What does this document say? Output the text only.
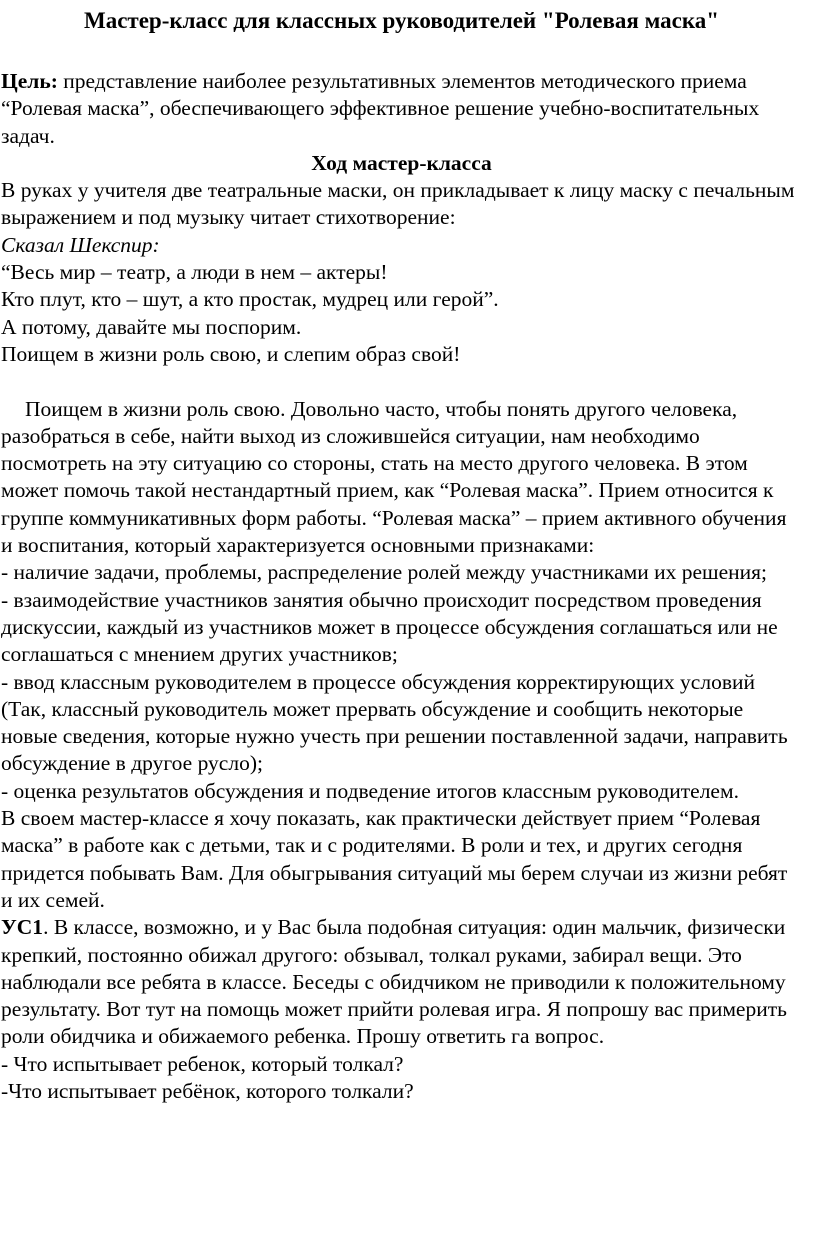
Мастер-класс для классных руководителей "Ролевая маска"

Цель: представление наиболее результативных элементов методического приема “Ролевая маска”, обеспечивающего эффективное решение учебно-воспитательных задач.

Ход мастер-класса

В руках у учителя две театральные маски, он прикладывает к лицу маску с печальным выражением и под музыку читает стихотворение:

Сказал Шекспир:

“Весь мир – театр, а люди в нем – актеры!

Кто плут, кто – шут, а кто простак, мудрец или герой”.

А потому, давайте мы поспорим.

Поищем в жизни роль свою, и слепим образ свой!

Поищем в жизни роль свою. Довольно часто, чтобы понять другого человека, разобраться в себе, найти выход из сложившейся ситуации, нам необходимо посмотреть на эту ситуацию со стороны, стать на место другого человека. В этом может помочь такой нестандартный прием, как “Ролевая маска”. Прием относится к группе коммуникативных форм работы. “Ролевая маска” – прием активного обучения и воспитания, который характеризуется основными признаками:

- наличие задачи, проблемы, распределение ролей между участниками их решения;

- взаимодействие участников занятия обычно происходит посредством проведения дискуссии, каждый из участников может в процессе обсуждения соглашаться или не соглашаться с мнением других участников;

- ввод классным руководителем в процессе обсуждения корректирующих условий (Так, классный руководитель может прервать обсуждение и сообщить некоторые новые сведения, которые нужно учесть при решении поставленной задачи, направить обсуждение в другое русло);

- оценка результатов обсуждения и подведение итогов классным руководителем.

В своем мастер-классе я хочу показать, как практически действует прием “Ролевая маска” в работе как с детьми, так и с родителями. В роли и тех, и других сегодня придется побывать Вам. Для обыгрывания ситуаций мы берем случаи из жизни ребят и их семей.

УС1. В классе, возможно, и у Вас была подобная ситуация: один мальчик, физически крепкий, постоянно обижал другого: обзывал, толкал руками, забирал вещи. Это наблюдали все ребята в классе. Беседы с обидчиком не приводили к положительному результату. Вот тут на помощь может прийти ролевая игра. Я попрошу вас примерить роли обидчика и обижаемого ребенка. Прошу ответить га вопрос.

- Что испытывает ребенок, который толкал?

-Что испытывает ребёнок, которого толкали?
